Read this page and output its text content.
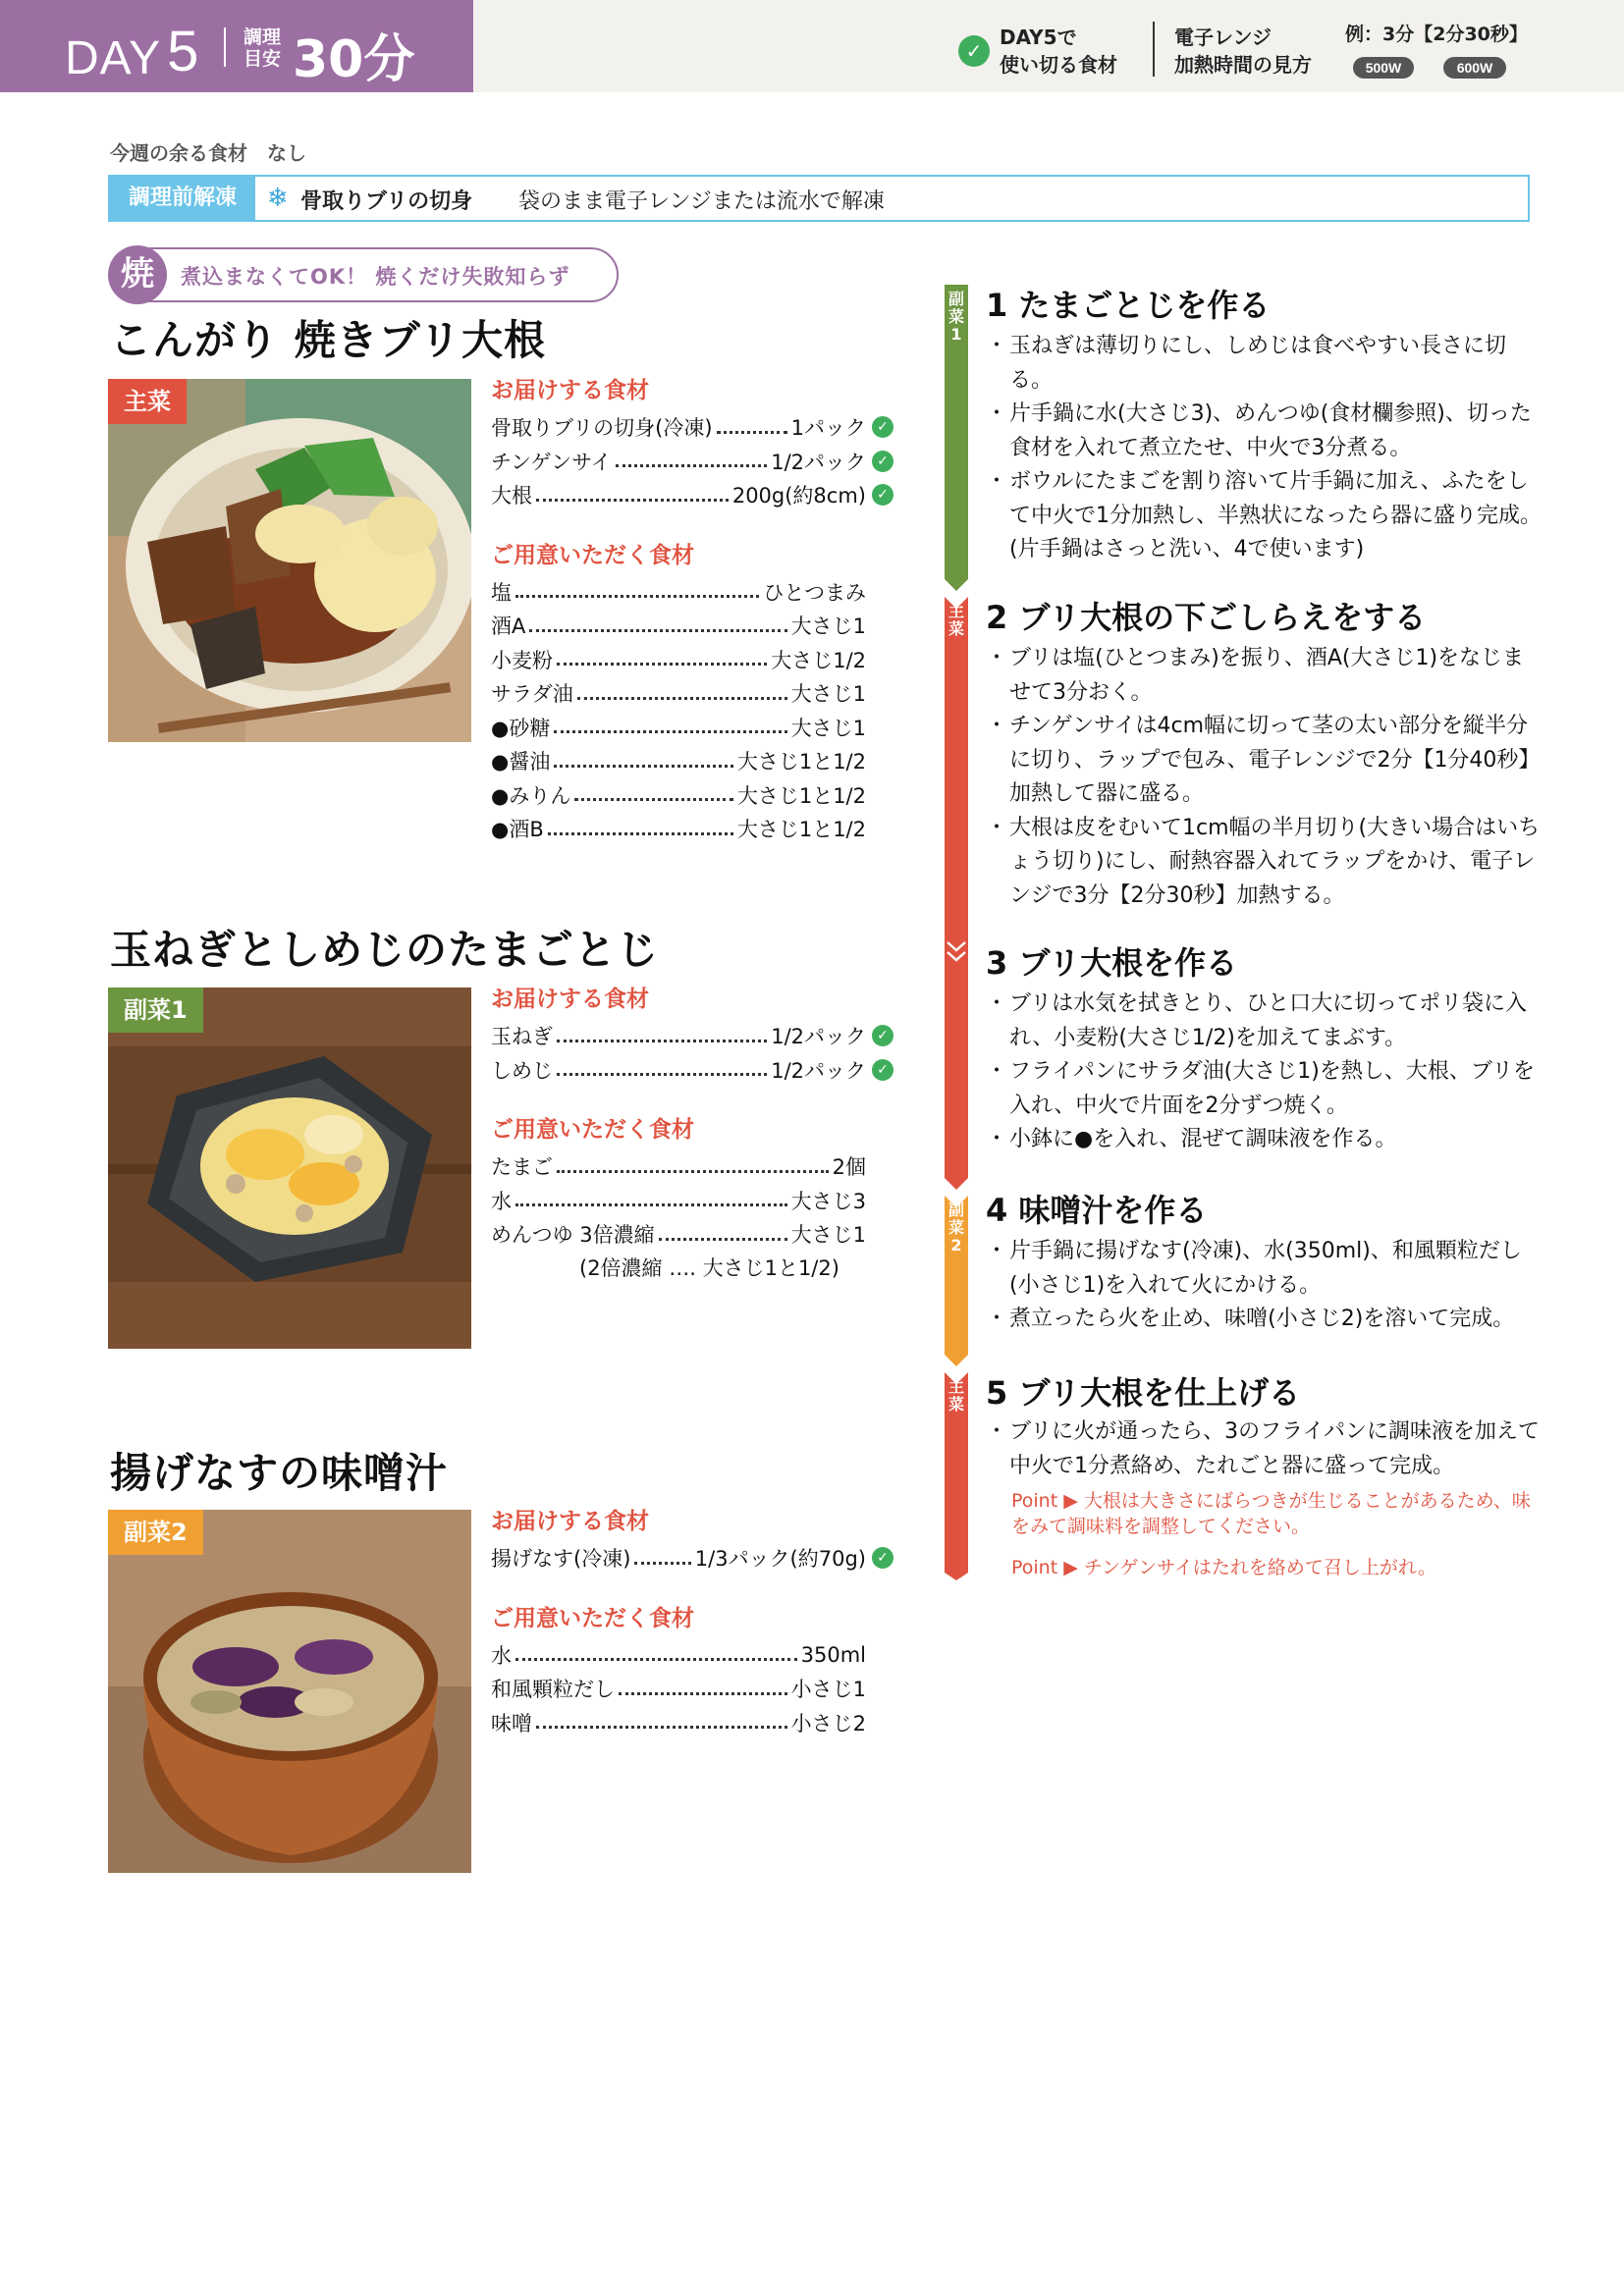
DAY 5 調理目安 30分	✓
DAY5で
使い切る食材
電子レンジ
加熱時間の見方
例：3分【2分30秒】
500W	600W
今週の余る食材　なし
調理前解凍	❄ 骨取りブリの切身 袋のまま電子レンジまたは流水で解凍
焼	煮込まなくてOK！ 焼くだけ失敗知らず
こんがり 焼きブリ大根
主菜	お届けする食材
骨取りブリの切身(冷凍)	1パック ✓
チンゲンサイ	1/2パック ✓
大根	200g(約8cm) ✓
ご用意いただく食材
塩	ひとつまみ
酒A	大さじ1
小麦粉	大さじ1/2
サラダ油	大さじ1
●砂糖	大さじ1
●醤油	大さじ1と1/2
●みりん	大さじ1と1/2
●酒B	大さじ1と1/2
玉ねぎとしめじのたまごとじ
副菜1	お届けする食材
玉ねぎ	1/2パック ✓
しめじ	1/2パック ✓
ご用意いただく食材
たまご	2個
水	大さじ3
めんつゆ 3倍濃縮	大さじ1
(2倍濃縮 …. 大さじ1と1/2)
揚げなすの味噌汁
副菜2	お届けする食材
揚げなす(冷凍)	1/3パック(約70g) ✓
ご用意いただく食材
水	350ml
和風顆粒だし	小さじ1
味噌	小さじ2
副菜1
主菜
副菜2
主菜
1 たまごとじを作る
・ 玉ねぎは薄切りにし、しめじは食べやすい長さに切る。
・ 片手鍋に水(大さじ3)、めんつゆ(食材欄参照)、切った食材を入れて煮立たせ、中火で3分煮る。
・ ボウルにたまごを割り溶いて片手鍋に加え、ふたをして中火で1分加熱し、半熟状になったら器に盛り完成。(片手鍋はさっと洗い、4で使います)
2 ブリ大根の下ごしらえをする
・ ブリは塩(ひとつまみ)を振り、酒A(大さじ1)をなじませて3分おく。
・ チンゲンサイは4cm幅に切って茎の太い部分を縦半分に切り、ラップで包み、電子レンジで2分【1分40秒】加熱して器に盛る。
・ 大根は皮をむいて1cm幅の半月切り(大きい場合はいちょう切り)にし、耐熱容器入れてラップをかけ、電子レンジで3分【2分30秒】加熱する。
3 ブリ大根を作る
・ ブリは水気を拭きとり、ひと口大に切ってポリ袋に入れ、小麦粉(大さじ1/2)を加えてまぶす。
・ フライパンにサラダ油(大さじ1)を熱し、大根、ブリを入れ、中火で片面を2分ずつ焼く。
・ 小鉢に●を入れ、混ぜて調味液を作る。
4 味噌汁を作る
・ 片手鍋に揚げなす(冷凍)、水(350ml)、和風顆粒だし(小さじ1)を入れて火にかける。
・ 煮立ったら火を止め、味噌(小さじ2)を溶いて完成。
5 ブリ大根を仕上げる
・ ブリに火が通ったら、3のフライパンに調味液を加えて中火で1分煮絡め、たれごと器に盛って完成。
Point ▶ 大根は大きさにばらつきが生じることがあるため、味をみて調味料を調整してください。
Point ▶ チンゲンサイはたれを絡めて召し上がれ。
